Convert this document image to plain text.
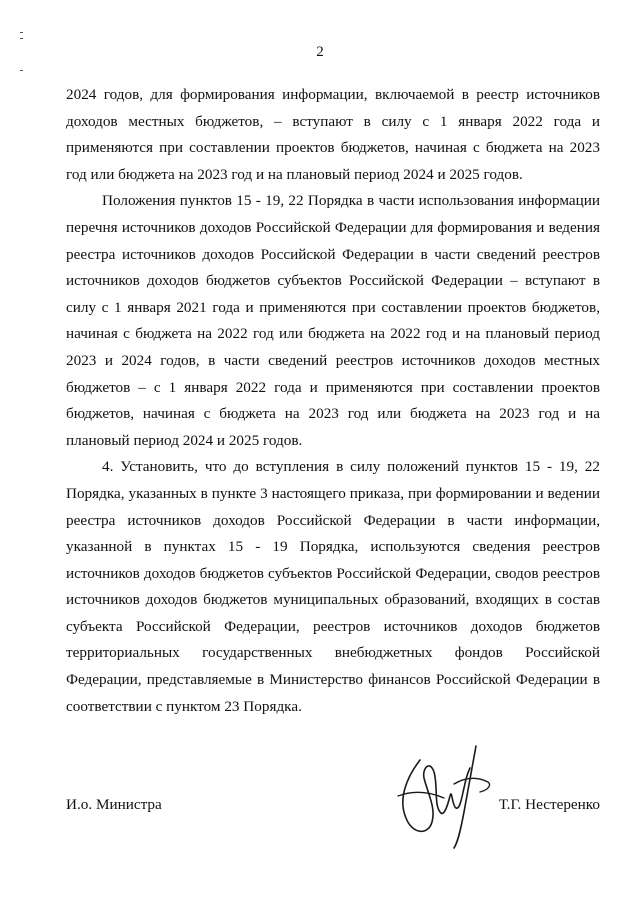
2

2024 годов, для формирования информации, включаемой в реестр источников доходов местных бюджетов, – вступают в силу с 1 января 2022 года и применяются при составлении проектов бюджетов, начиная с бюджета на 2023 год или бюджета на 2023 год и на плановый период 2024 и 2025 годов.

Положения пунктов 15 - 19, 22 Порядка в части использования информации перечня источников доходов Российской Федерации для формирования и ведения реестра источников доходов Российской Федерации в части сведений реестров источников доходов бюджетов субъектов Российской Федерации – вступают в силу с 1 января 2021 года и применяются при составлении проектов бюджетов, начиная с бюджета на 2022 год или бюджета на 2022 год и на плановый период 2023 и 2024 годов, в части сведений реестров источников доходов местных бюджетов – с 1 января 2022 года и применяются при составлении проектов бюджетов, начиная с бюджета на 2023 год или бюджета на 2023 год и на плановый период 2024 и 2025 годов.

4. Установить, что до вступления в силу положений пунктов 15 - 19, 22 Порядка, указанных в пункте 3 настоящего приказа, при формировании и ведении реестра источников доходов Российской Федерации в части информации, указанной в пунктах 15 - 19 Порядка, используются сведения реестров источников доходов бюджетов субъектов Российской Федерации, сводов реестров источников доходов бюджетов муниципальных образований, входящих в состав субъекта Российской Федерации, реестров источников доходов бюджетов территориальных государственных внебюджетных фондов Российской Федерации, представляемые в Министерство финансов Российской Федерации в соответствии с пунктом 23 Порядка.

И.о. Министра	Т.Г. Нестеренко
